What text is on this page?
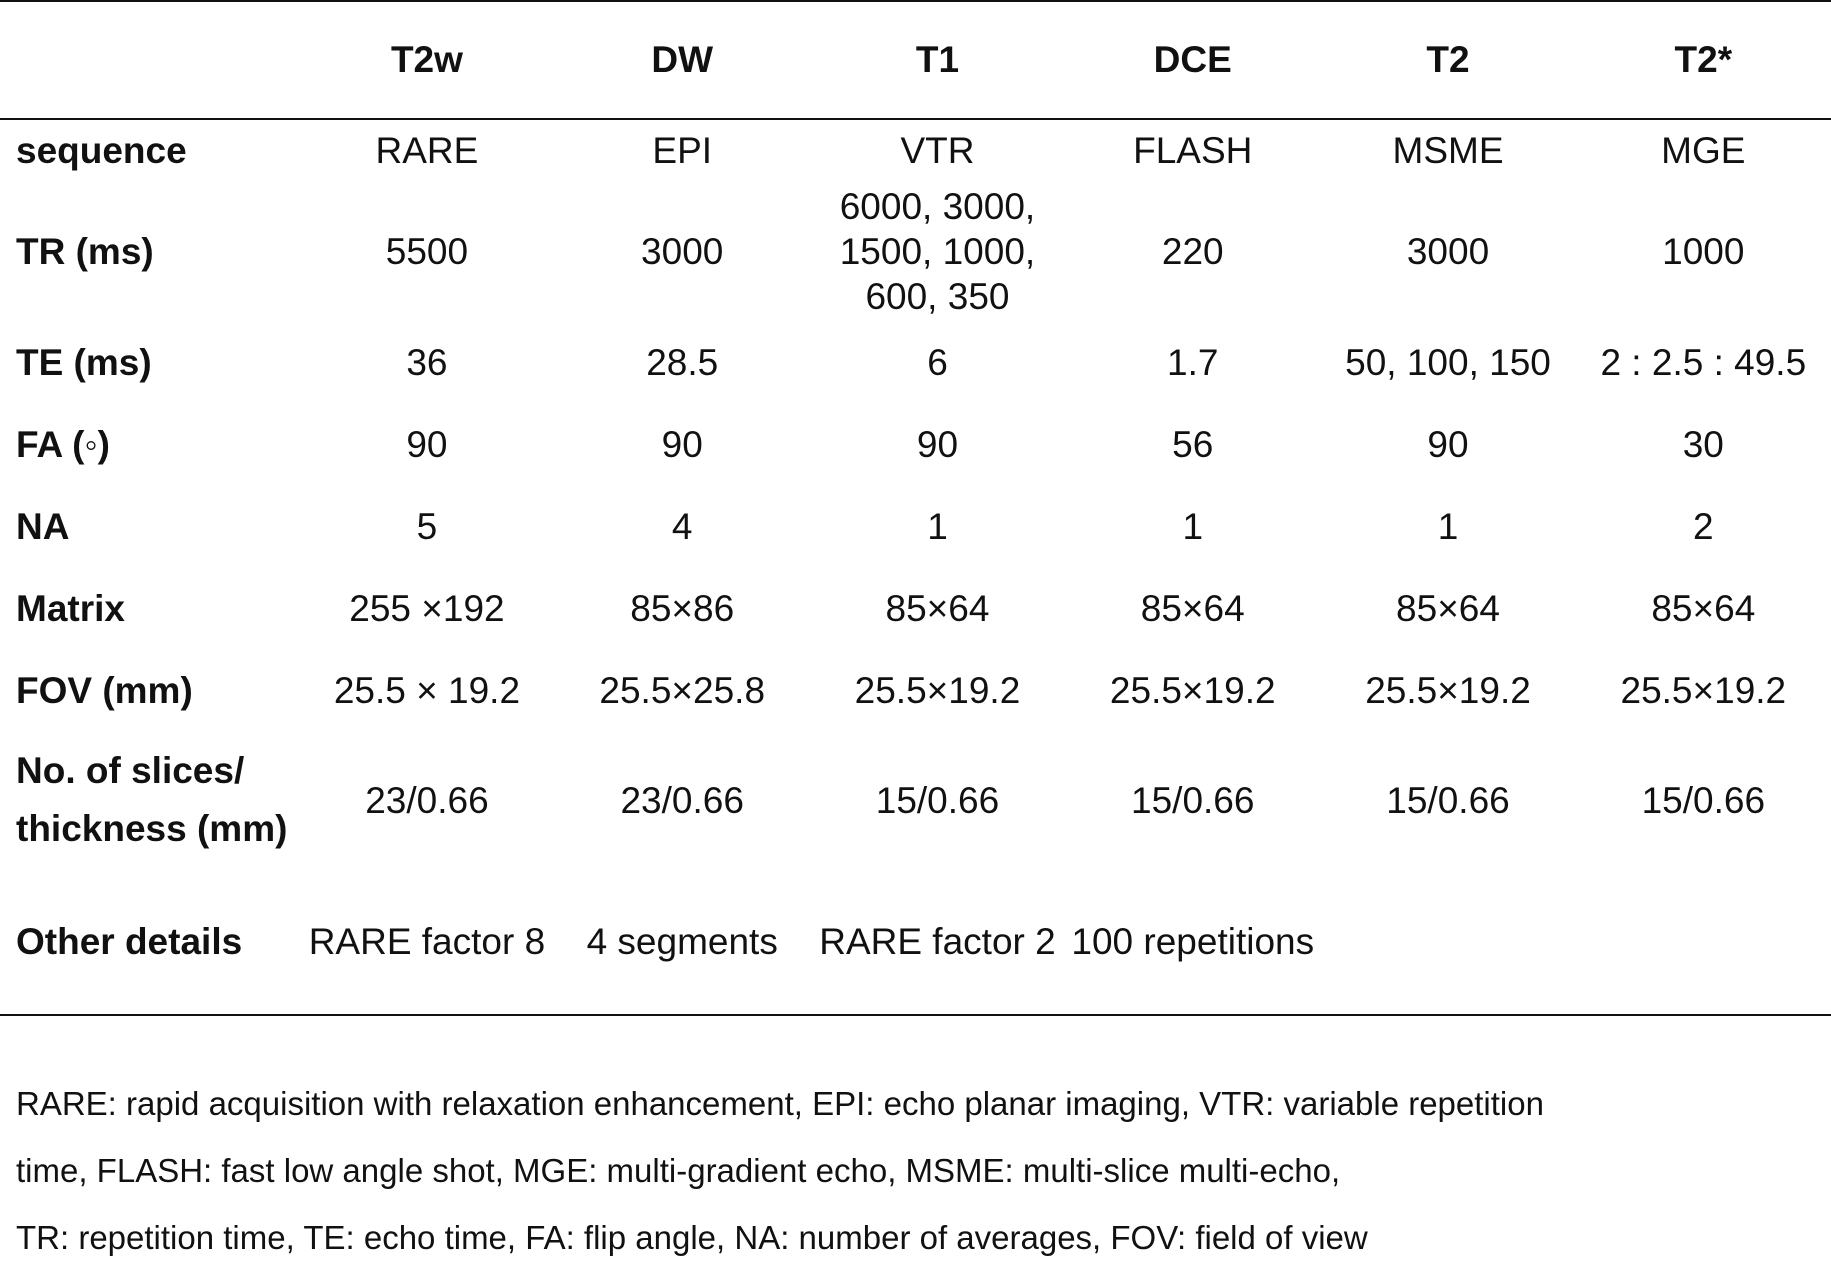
	T2w	DW	T1	DCE	T2	T2*
sequence	RARE	EPI	VTR	FLASH	MSME	MGE
TR (ms)	5500	3000	6000, 3000, 1500, 1000, 600, 350	220	3000	1000
TE (ms)	36	28.5	6	1.7	50, 100, 150	2 : 2.5 : 49.5
FA (◦)	90	90	90	56	90	30
NA	5	4	1	1	1	2
Matrix	255 ×192	85×86	85×64	85×64	85×64	85×64
FOV (mm)	25.5 × 19.2	25.5×25.8	25.5×19.2	25.5×19.2	25.5×19.2	25.5×19.2
No. of slices/ thickness (mm)	23/0.66	23/0.66	15/0.66	15/0.66	15/0.66	15/0.66
Other details	RARE factor 8	4 segments	RARE factor 2	100 repetitions		
RARE: rapid acquisition with relaxation enhancement, EPI: echo planar imaging, VTR: variable repetition
time, FLASH: fast low angle shot, MGE: multi-gradient echo, MSME: multi-slice multi-echo,
TR: repetition time, TE: echo time, FA: flip angle, NA: number of averages, FOV: field of view
